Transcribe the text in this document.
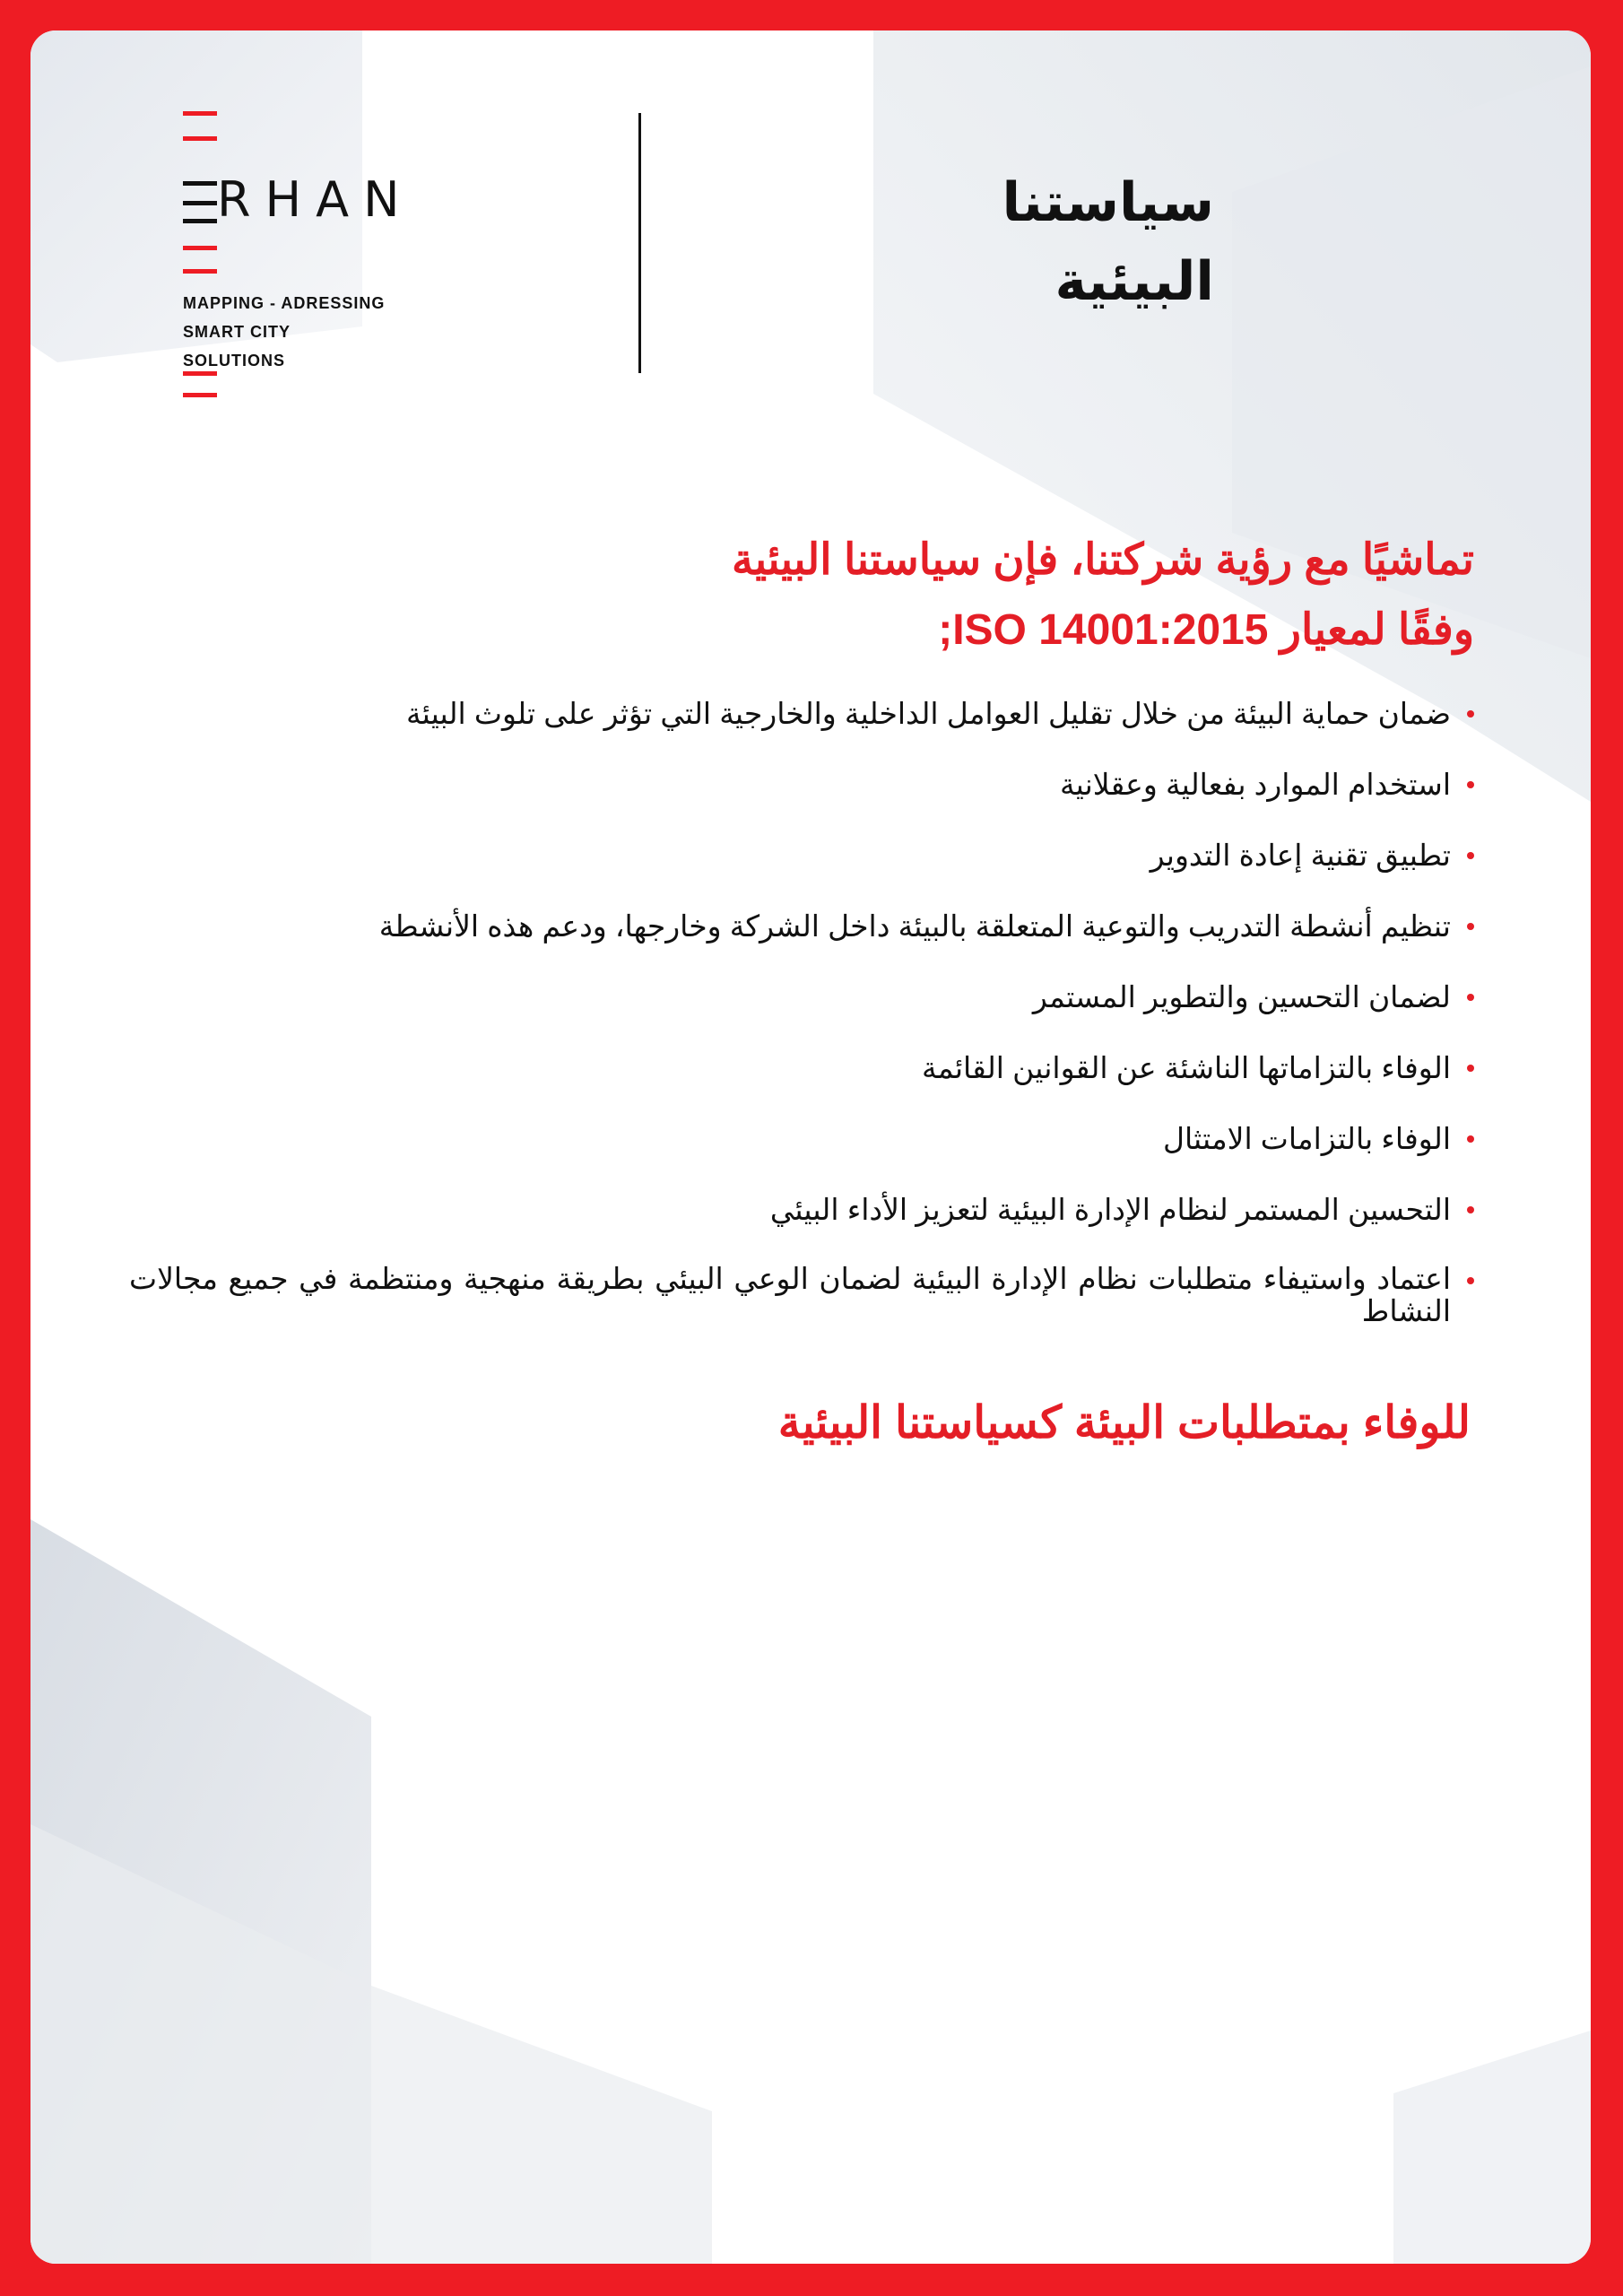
RHAN
MAPPING - ADRESSING
SMART CITY
SOLUTIONS
سياستنا
البيئية
تماشيًا مع رؤية شركتنا، فإن سياستنا البيئية
وفقًا لمعيار ISO 14001:2015;
ضمان حماية البيئة من خلال تقليل العوامل الداخلية والخارجية التي تؤثر على تلوث البيئة
استخدام الموارد بفعالية وعقلانية
تطبيق تقنية إعادة التدوير
تنظيم أنشطة التدريب والتوعية المتعلقة بالبيئة داخل الشركة وخارجها، ودعم هذه الأنشطة
لضمان التحسين والتطوير المستمر
الوفاء بالتزاماتها الناشئة عن القوانين القائمة
الوفاء بالتزامات الامتثال
التحسين المستمر لنظام الإدارة البيئية لتعزيز الأداء البيئي
اعتماد واستيفاء متطلبات نظام الإدارة البيئية لضمان الوعي البيئي بطريقة منهجية ومنتظمة في جميع مجالات النشاط
للوفاء بمتطلبات البيئة كسياستنا البيئية
